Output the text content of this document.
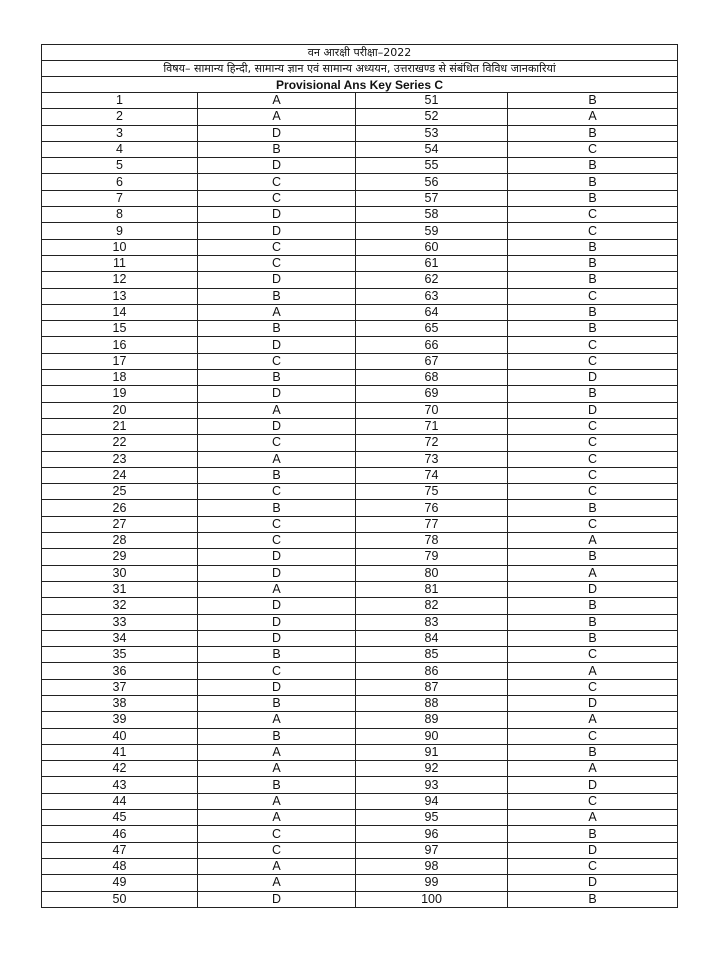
वन आरक्षी परीक्षा–2022			
विषय– सामान्य हिन्दी, सामान्य ज्ञान एवं सामान्य अध्ययन, उत्तराखण्ड से संबंधित विविध जानकारियां			
Provisional Ans Key Series C			
1	A	51	B
2	A	52	A
3	D	53	B
4	B	54	C
5	D	55	B
6	C	56	B
7	C	57	B
8	D	58	C
9	D	59	C
10	C	60	B
11	C	61	B
12	D	62	B
13	B	63	C
14	A	64	B
15	B	65	B
16	D	66	C
17	C	67	C
18	B	68	D
19	D	69	B
20	A	70	D
21	D	71	C
22	C	72	C
23	A	73	C
24	B	74	C
25	C	75	C
26	B	76	B
27	C	77	C
28	C	78	A
29	D	79	B
30	D	80	A
31	A	81	D
32	D	82	B
33	D	83	B
34	D	84	B
35	B	85	C
36	C	86	A
37	D	87	C
38	B	88	D
39	A	89	A
40	B	90	C
41	A	91	B
42	A	92	A
43	B	93	D
44	A	94	C
45	A	95	A
46	C	96	B
47	C	97	D
48	A	98	C
49	A	99	D
50	D	100	B
